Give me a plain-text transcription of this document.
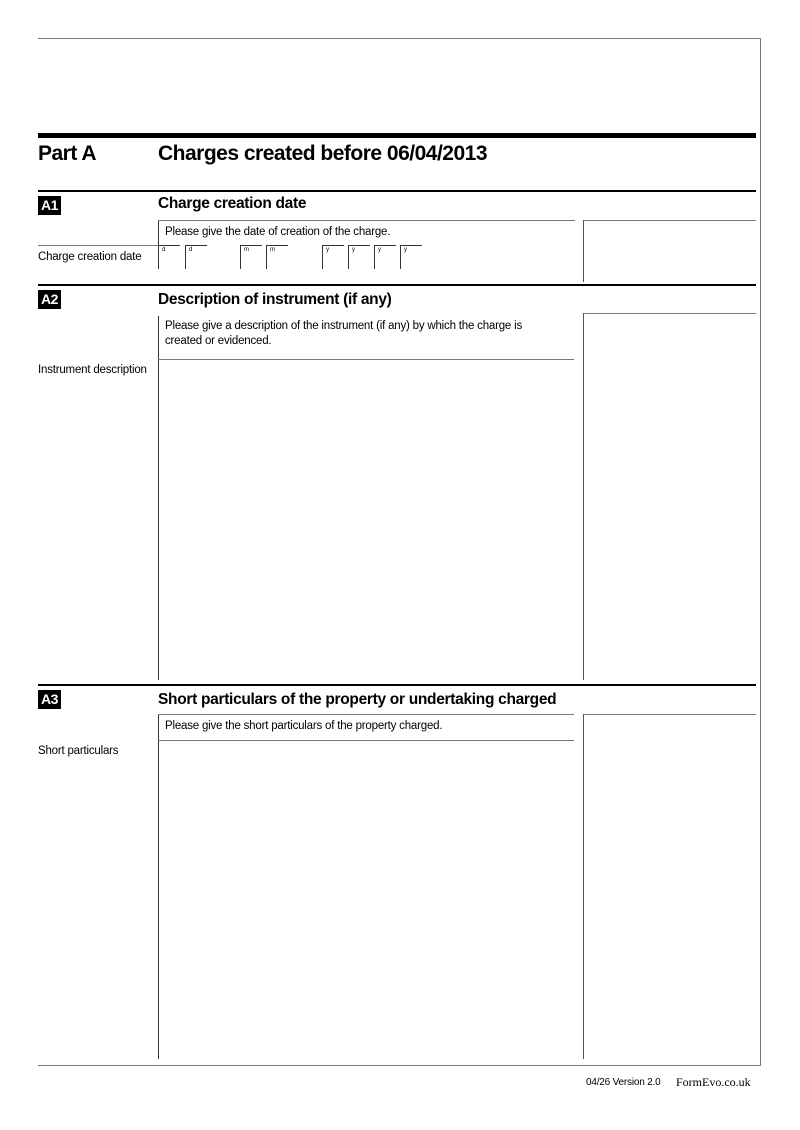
Part A	Charges created before 06/04/2013
A1	Charge creation date
Please give the date of creation of the charge.
Charge creation date
d	d	m	m	y	y	y	y
A2	Description of instrument (if any)
Please give a description of the instrument (if any) by which the charge is created or evidenced.
Instrument description
A3	Short particulars of the property or undertaking charged
Please give the short particulars of the property charged.
Short particulars
04/26 Version 2.0 FormEvo.co.uk
